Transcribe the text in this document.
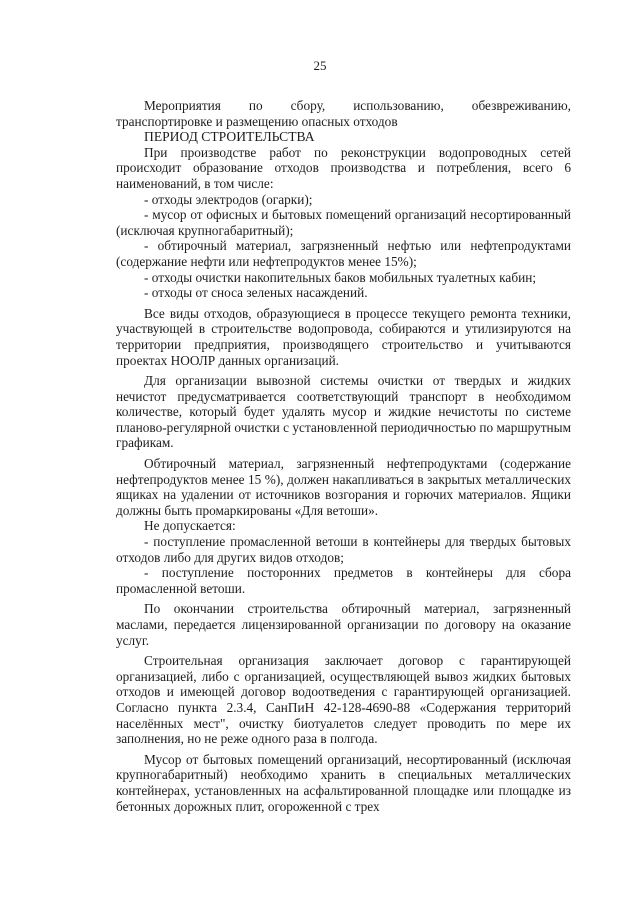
25

Мероприятия по сбору, использованию, обезвреживанию, транспортировке и размещению опасных отходов

ПЕРИОД СТРОИТЕЛЬСТВА

При производстве работ по реконструкции водопроводных сетей происходит образование отходов производства и потребления, всего 6 наименований, в том числе:

- отходы электродов (огарки);

- мусор от офисных и бытовых помещений организаций несортированный (исключая крупногабаритный);

- обтирочный материал, загрязненный нефтью или нефтепродуктами (содержание нефти или нефтепродуктов менее 15%);

- отходы очистки накопительных баков мобильных туалетных кабин;

- отходы от сноса зеленых насаждений.

Все виды отходов, образующиеся в процессе текущего ремонта техники, участвующей в строительстве водопровода, собираются и утилизируются на территории предприятия, производящего строительство и учитываются проектах НООЛР данных организаций.

Для организации вывозной системы очистки от твердых и жидких нечистот предусматривается соответствующий транспорт в необходимом количестве, который будет удалять мусор и жидкие нечистоты по системе планово-регулярной очистки с установленной периодичностью по маршрутным графикам.

Обтирочный материал, загрязненный нефтепродуктами (содержание нефтепродуктов менее 15 %), должен накапливаться в закрытых металлических ящиках на удалении от источников возгорания и горючих материалов. Ящики должны быть промаркированы «Для ветоши».

Не допускается:

- поступление промасленной ветоши в контейнеры для твердых бытовых отходов либо для других видов отходов;

- поступление посторонних предметов в контейнеры для сбора промасленной ветоши.

По окончании строительства обтирочный материал, загрязненный маслами, передается лицензированной организации по договору на оказание услуг.

Строительная организация заключает договор с гарантирующей организацией, либо с организацией, осуществляющей вывоз жидких бытовых отходов и имеющей договор водоотведения с гарантирующей организацией. Согласно пункта 2.3.4, СанПиН 42-128-4690-88 «Содержания территорий населённых мест", очистку биотуалетов следует проводить по мере их заполнения, но не реже одного раза в полгода.

Мусор от бытовых помещений организаций, несортированный (исключая крупногабаритный) необходимо хранить в специальных металлических контейнерах, установленных на асфальтированной площадке или площадке из бетонных дорожных плит, огороженной с трех
